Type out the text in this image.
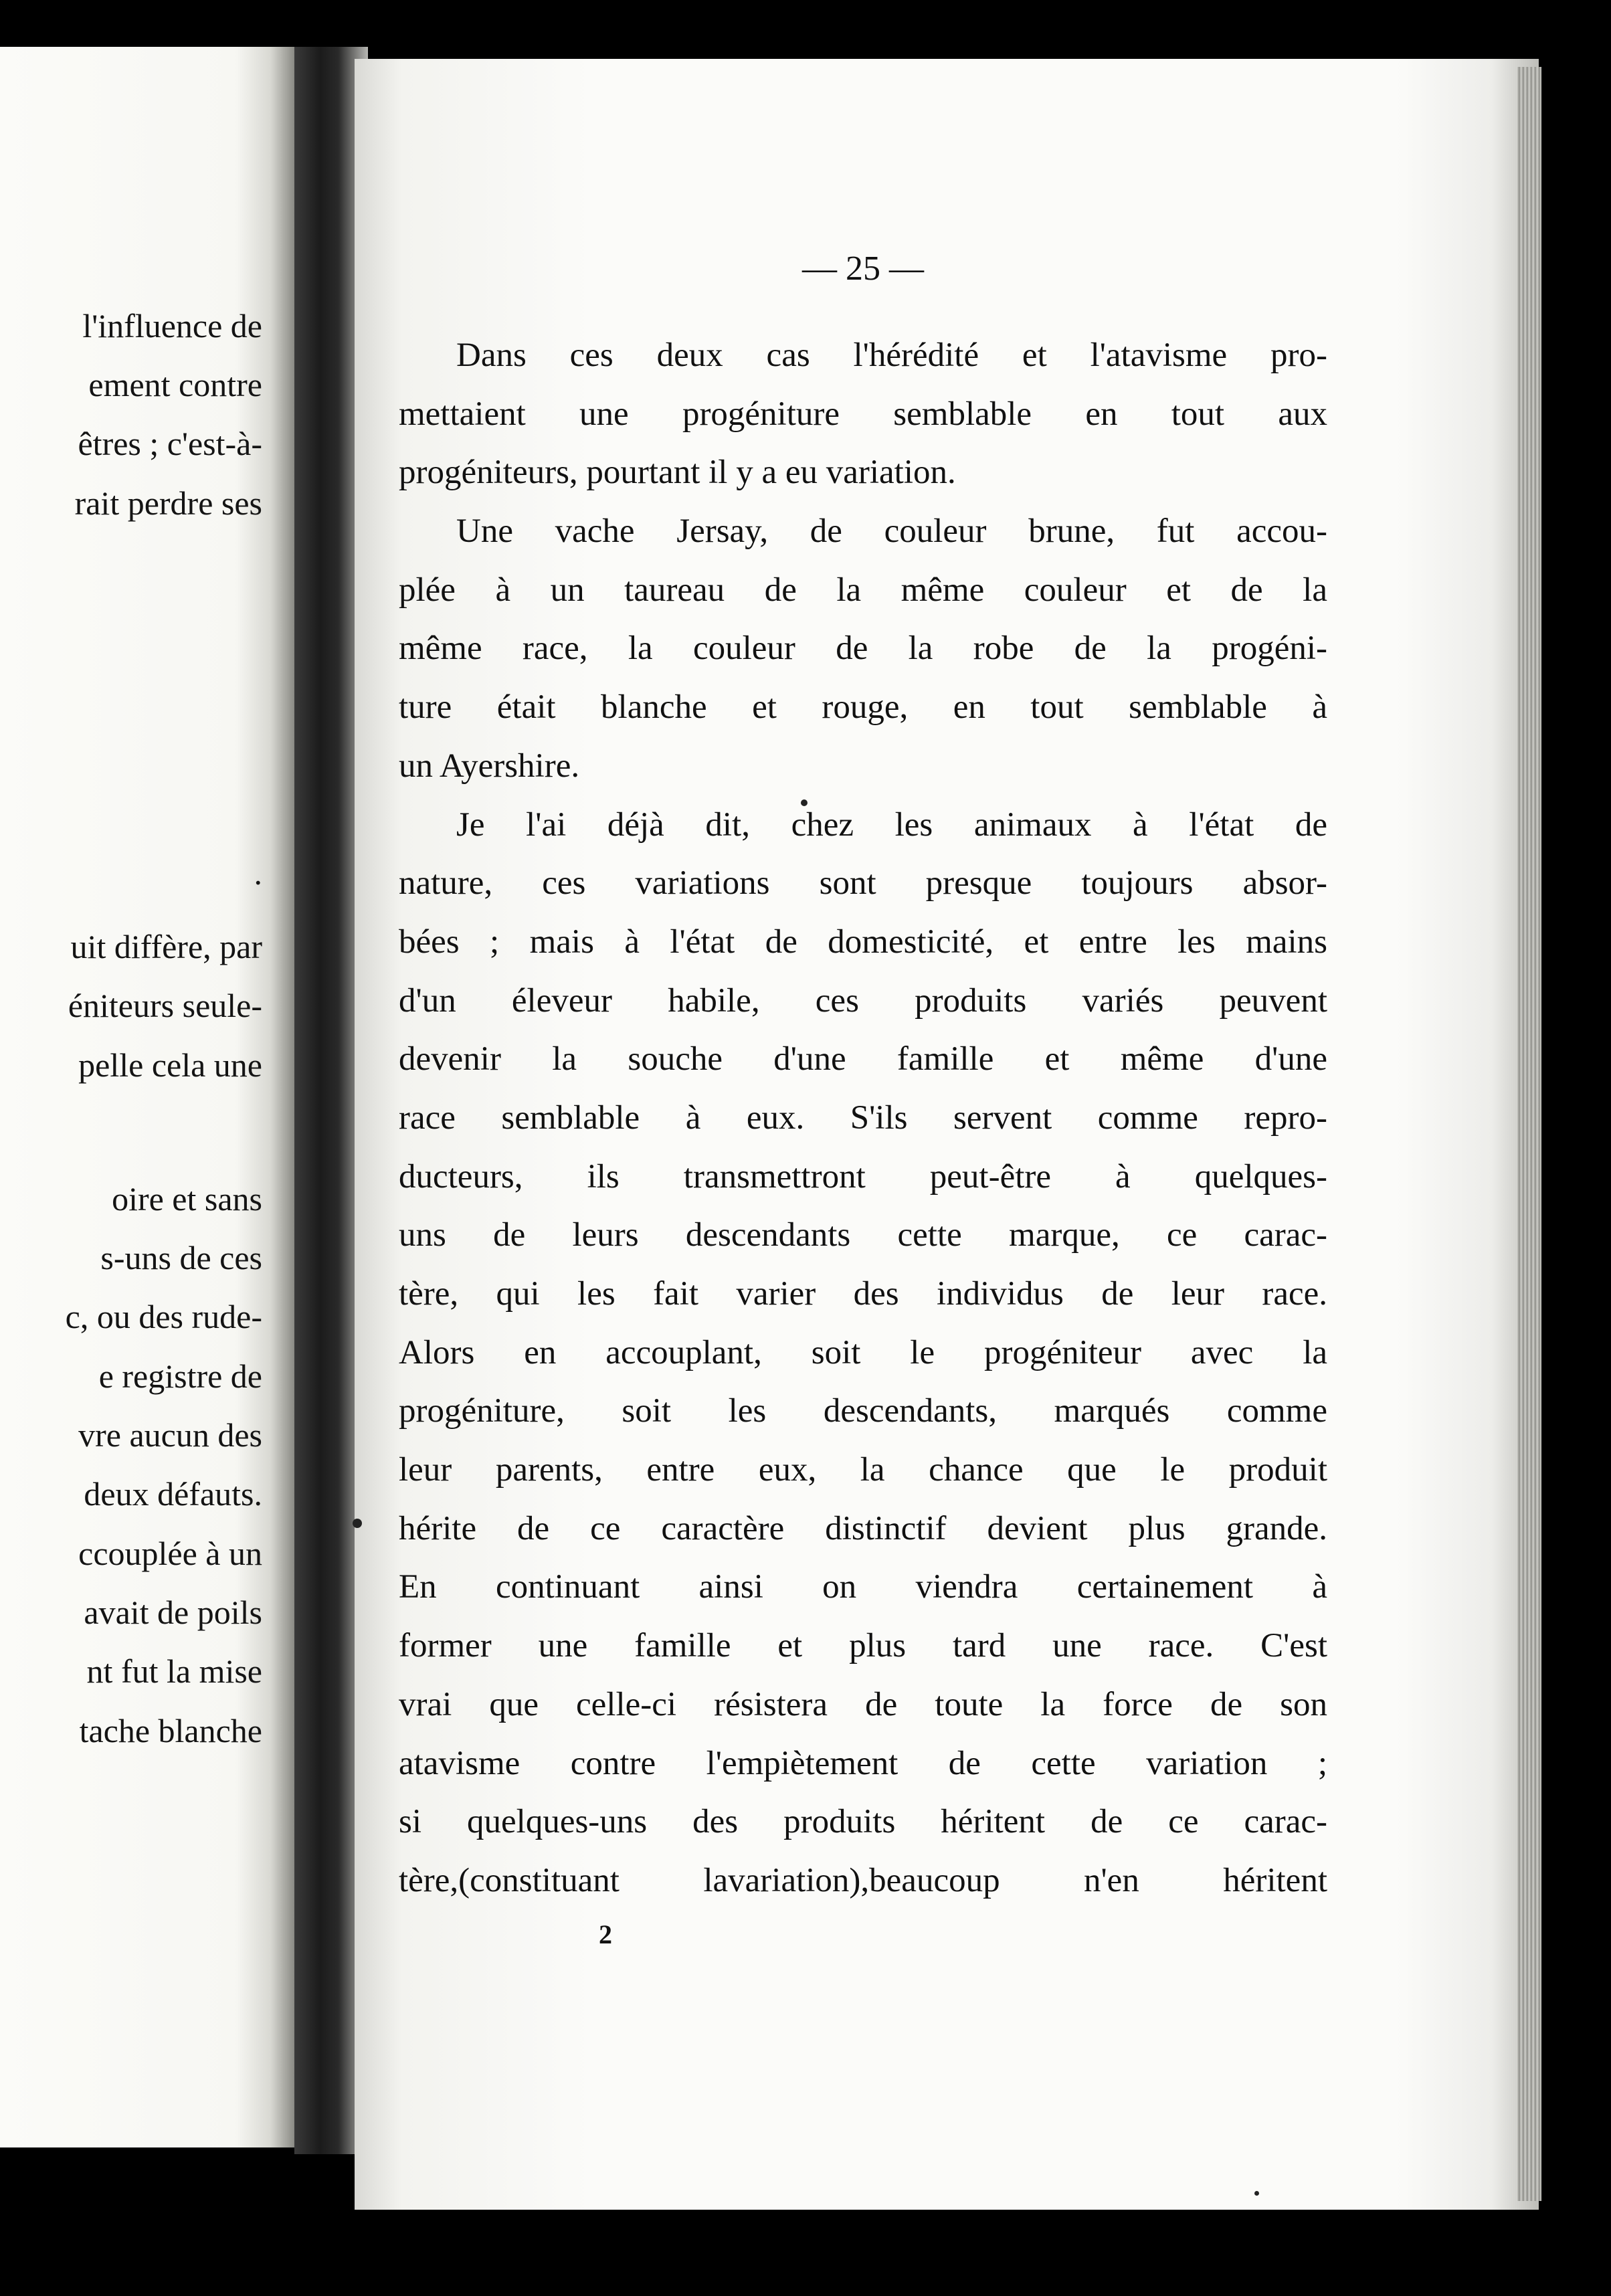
l'influence de
ement contre
êtres ; c'est-à-
rait perdre ses
.
uit diffère, par
éniteurs seule-
pelle cela une
oire et sans
s-uns de ces
c, ou des rude-
e registre de
vre aucun des
deux défauts.
ccouplée à un
avait de poils
nt fut la mise
tache blanche
— 25 —
Dans ces deux cas l'hérédité et l'atavisme pro-
mettaient une progéniture semblable en tout aux
progéniteurs, pourtant il y a eu variation.
Une vache Jersay, de couleur brune, fut accou-
plée à un taureau de la même couleur et de la
même race, la couleur de la robe de la progéni-
ture était blanche et rouge, en tout semblable à
un Ayershire.
Je l'ai déjà dit, chez les animaux à l'état de
nature, ces variations sont presque toujours absor-
bées ; mais à l'état de domesticité, et entre les mains
d'un éleveur habile, ces produits variés peuvent
devenir la souche d'une famille et même d'une
race semblable à eux. S'ils servent comme repro-
ducteurs, ils transmettront peut-être à quelques-
uns de leurs descendants cette marque, ce carac-
tère, qui les fait varier des individus de leur race.
Alors en accouplant, soit le progéniteur avec la
progéniture, soit les descendants, marqués comme
leur parents, entre eux, la chance que le produit
hérite de ce caractère distinctif devient plus grande.
En continuant ainsi on viendra certainement à
former une famille et plus tard une race. C'est
vrai que celle-ci résistera de toute la force de son
atavisme contre l'empiètement de cette variation ;
si quelques-uns des produits héritent de ce carac-
tère,(constituant lavariation),beaucoup n'en héritent
2
